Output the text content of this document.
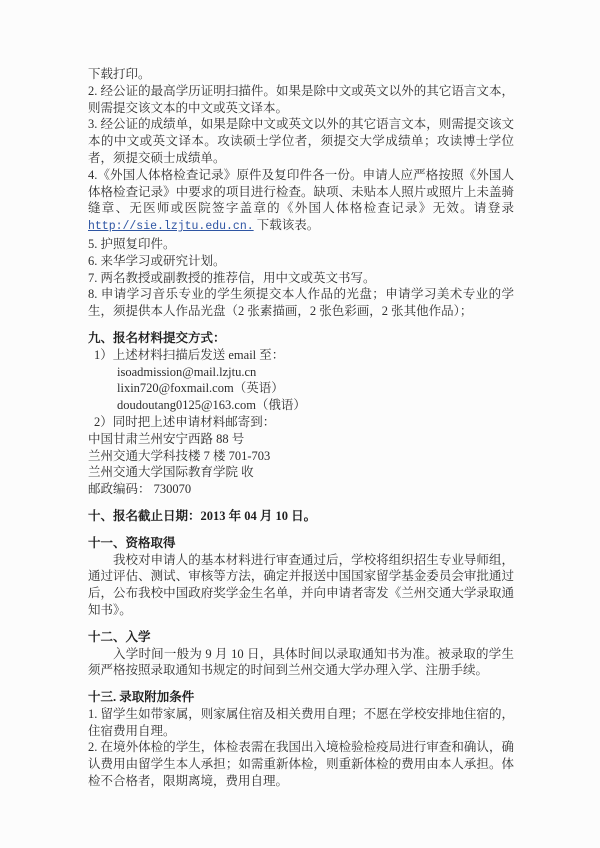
下载打印。

2. 经公证的最高学历证明扫描件。如果是除中文或英文以外的其它语言文本，则需提交该文本的中文或英文译本。

3. 经公证的成绩单，如果是除中文或英文以外的其它语言文本，则需提交该文本的中文或英文译本。攻读硕士学位者，须提交大学成绩单；攻读博士学位者，须提交硕士成绩单。

4.《外国人体格检查记录》原件及复印件各一份。申请人应严格按照《外国人体格检查记录》中要求的项目进行检查。缺项、未贴本人照片或照片上未盖骑缝章、无医师或医院签字盖章的《外国人体格检查记录》无效。请登录 http://sie.lzjtu.edu.cn. 下载该表。

5. 护照复印件。

6. 来华学习或研究计划。

7. 两名教授或副教授的推荐信，用中文或英文书写。

8. 申请学习音乐专业的学生须提交本人作品的光盘；申请学习美术专业的学生，须提供本人作品光盘（2 张素描画，2 张色彩画，2 张其他作品）；

九、报名材料提交方式：

1）上述材料扫描后发送 email 至：

isoadmission@mail.lzjtu.cn

lixin720@foxmail.com（英语）

doudoutang0125@163.com（俄语）

2）同时把上述申请材料邮寄到：

中国甘肃兰州安宁西路 88 号

兰州交通大学科技楼 7 楼 701-703

兰州交通大学国际教育学院 收

邮政编码： 730070

十、报名截止日期：2013 年 04 月 10 日。

十一、资格取得

我校对申请人的基本材料进行审查通过后，学校将组织招生专业导师组，通过评估、测试、审核等方法，确定并报送中国国家留学基金委员会审批通过后，公布我校中国政府奖学金生名单，并向申请者寄发《兰州交通大学录取通知书》。

十二、入学

入学时间一般为 9 月 10 日，具体时间以录取通知书为准。被录取的学生须严格按照录取通知书规定的时间到兰州交通大学办理入学、注册手续。

十三. 录取附加条件

1. 留学生如带家属，则家属住宿及相关费用自理；不愿在学校安排地住宿的，住宿费用自理。

2. 在境外体检的学生，体检表需在我国出入境检验检疫局进行审查和确认，确认费用由留学生本人承担；如需重新体检，则重新体检的费用由本人承担。体检不合格者，限期离境，费用自理。
